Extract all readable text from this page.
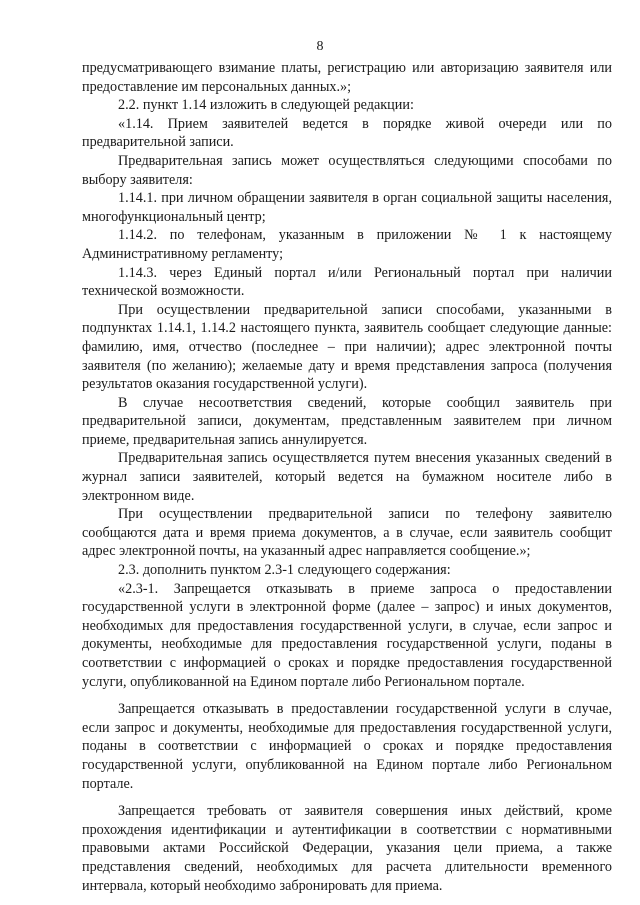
8

предусматривающего взимание платы, регистрацию или авторизацию заявителя или предоставление им персональных данных.»;

2.2. пункт 1.14 изложить в следующей редакции:

«1.14. Прием заявителей ведется в порядке живой очереди или по предварительной записи.

Предварительная запись может осуществляться следующими способами по выбору заявителя:

1.14.1. при личном обращении заявителя в орган социальной защиты населения, многофункциональный центр;

1.14.2. по телефонам, указанным в приложении № 1 к настоящему Административному регламенту;

1.14.3. через Единый портал и/или Региональный портал при наличии технической возможности.

При осуществлении предварительной записи способами, указанными в подпунктах 1.14.1, 1.14.2 настоящего пункта, заявитель сообщает следующие данные: фамилию, имя, отчество (последнее – при наличии); адрес электронной почты заявителя (по желанию); желаемые дату и время представления запроса (получения результатов оказания государственной услуги).

В случае несоответствия сведений, которые сообщил заявитель при предварительной записи, документам, представленным заявителем при личном приеме, предварительная запись аннулируется.

Предварительная запись осуществляется путем внесения указанных сведений в журнал записи заявителей, который ведется на бумажном носителе либо в электронном виде.

При осуществлении предварительной записи по телефону заявителю сообщаются дата и время приема документов, а в случае, если заявитель сообщит адрес электронной почты, на указанный адрес направляется сообщение.»;

2.3. дополнить пунктом 2.3-1 следующего содержания:

«2.3-1. Запрещается отказывать в приеме запроса о предоставлении государственной услуги в электронной форме (далее – запрос) и иных документов, необходимых для предоставления государственной услуги, в случае, если запрос и документы, необходимые для предоставления государственной услуги, поданы в соответствии с информацией о сроках и порядке предоставления государственной услуги, опубликованной на Едином портале либо Региональном портале.

Запрещается отказывать в предоставлении государственной услуги в случае, если запрос и документы, необходимые для предоставления государственной услуги, поданы в соответствии с информацией о сроках и порядке предоставления государственной услуги, опубликованной на Едином портале либо Региональном портале.

Запрещается требовать от заявителя совершения иных действий, кроме прохождения идентификации и аутентификации в соответствии с нормативными правовыми актами Российской Федерации, указания цели приема, а также представления сведений, необходимых для расчета длительности временного интервала, который необходимо забронировать для приема.
